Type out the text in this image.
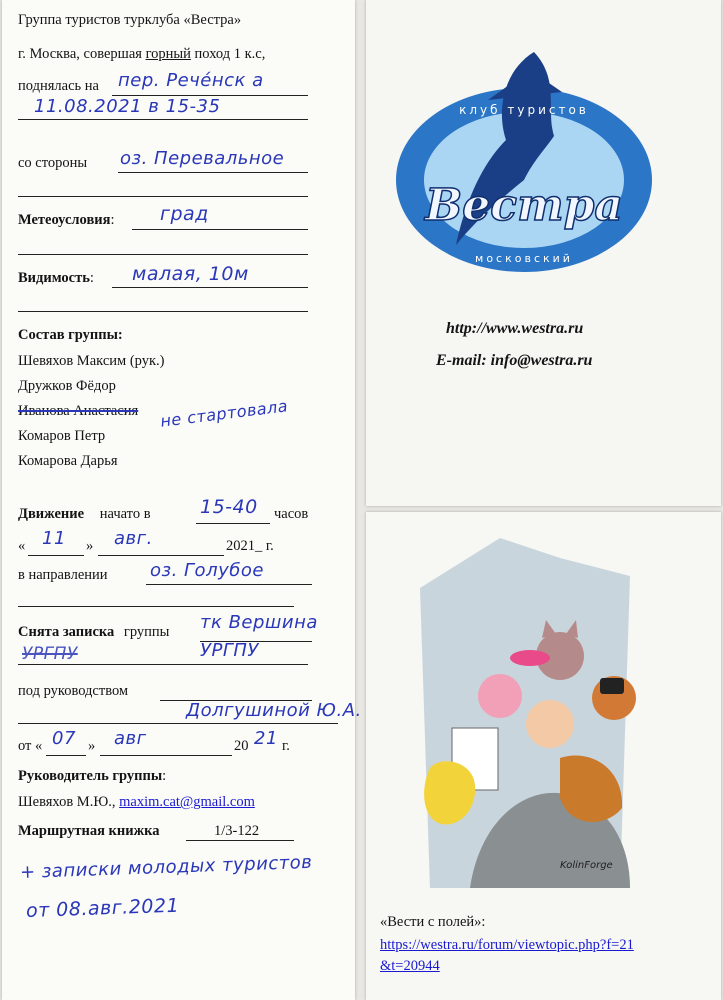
Группа туристов турклуба «Вестра»
г. Москва, совершая горный поход 1 к.с,
поднялась на пер. Рече́нск а
11.08.2021 в 15-35
со стороны оз. Перевальное
Метеоусловия: град
Видимость: малая, 10м
Состав группы:
Шевяхов Максим (рук.)
Дружков Фёдор
Иванова Анастасия не стартовала
Комаров Петр
Комарова Дарья
Движение начато в	15-40 часов
« 11 » авг.	2021_ г.
в направлении оз. Голубое
Снята записка группы тк Вершина
УРГПУ	УРГПУ
под руководством
Долгушиной Ю.А.
от « 07 » авг	20 21 г.
Руководитель группы:
Шевяхов М.Ю., maxim.cat@gmail.com
Маршрутная книжка	1/3-122
+ записки молодых туристов
от 08.авг.2021
Вестра
клуб туристов
московский
http://www.westra.ru
E-mail: info@westra.ru
KolinForge
«Вести с полей»:
https://westra.ru/forum/viewtopic.php?f=21
&t=20944
